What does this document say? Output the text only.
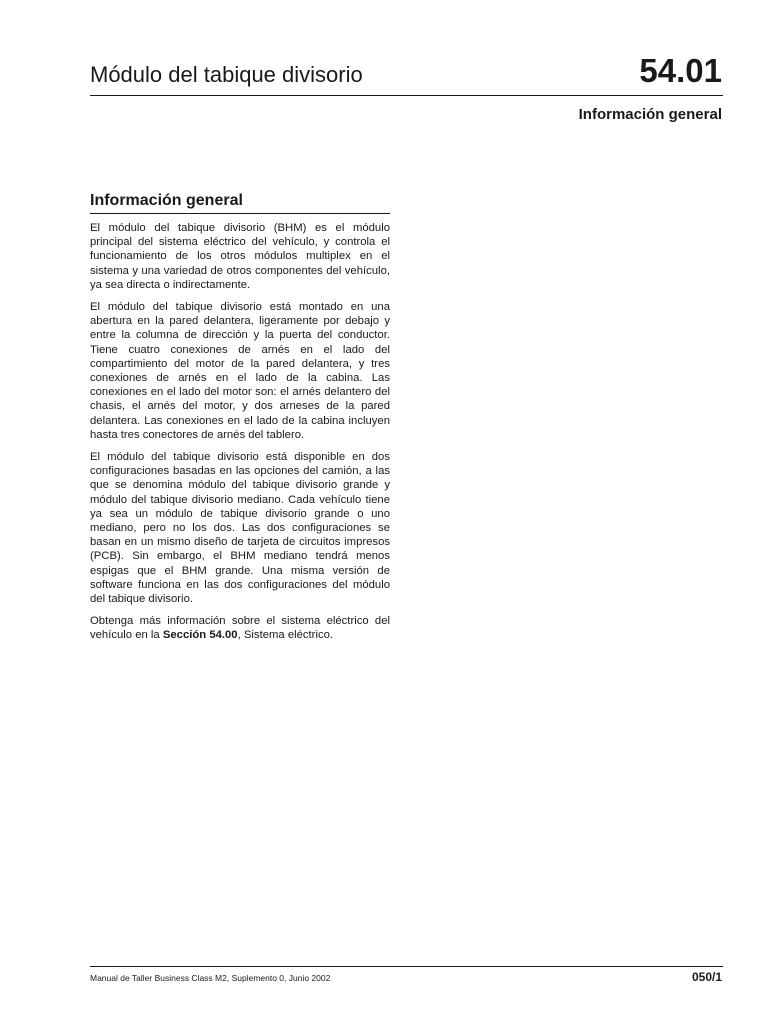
Módulo del tabique divisorio	54.01
Información general
Información general

El módulo del tabique divisorio (BHM) es el módulo principal del sistema eléctrico del vehículo, y controla el funcionamiento de los otros módulos multiplex en el sistema y una variedad de otros componentes del vehículo, ya sea directa o indirectamente.

El módulo del tabique divisorio está montado en una abertura en la pared delantera, ligeramente por debajo y entre la columna de dirección y la puerta del conductor. Tiene cuatro conexiones de arnés en el lado del compartimiento del motor de la pared delantera, y tres conexiones de arnés en el lado de la cabina. Las conexiones en el lado del motor son: el arnés delantero del chasis, el arnés del motor, y dos arneses de la pared delantera. Las conexiones en el lado de la cabina incluyen hasta tres conectores de arnés del tablero.

El módulo del tabique divisorio está disponible en dos configuraciones basadas en las opciones del camión, a las que se denomina módulo del tabique divisorio grande y módulo del tabique divisorio mediano. Cada vehículo tiene ya sea un módulo de tabique divisorio grande o uno mediano, pero no los dos. Las dos configuraciones se basan en un mismo diseño de tarjeta de circuitos impresos (PCB). Sin embargo, el BHM mediano tendrá menos espigas que el BHM grande. Una misma versión de software funciona en las dos configuraciones del módulo del tabique divisorio.

Obtenga más información sobre el sistema eléctrico del vehículo en la Sección 54.00, Sistema eléctrico.

Manual de Taller Business Class M2, Suplemento 0, Junio 2002	050/1
